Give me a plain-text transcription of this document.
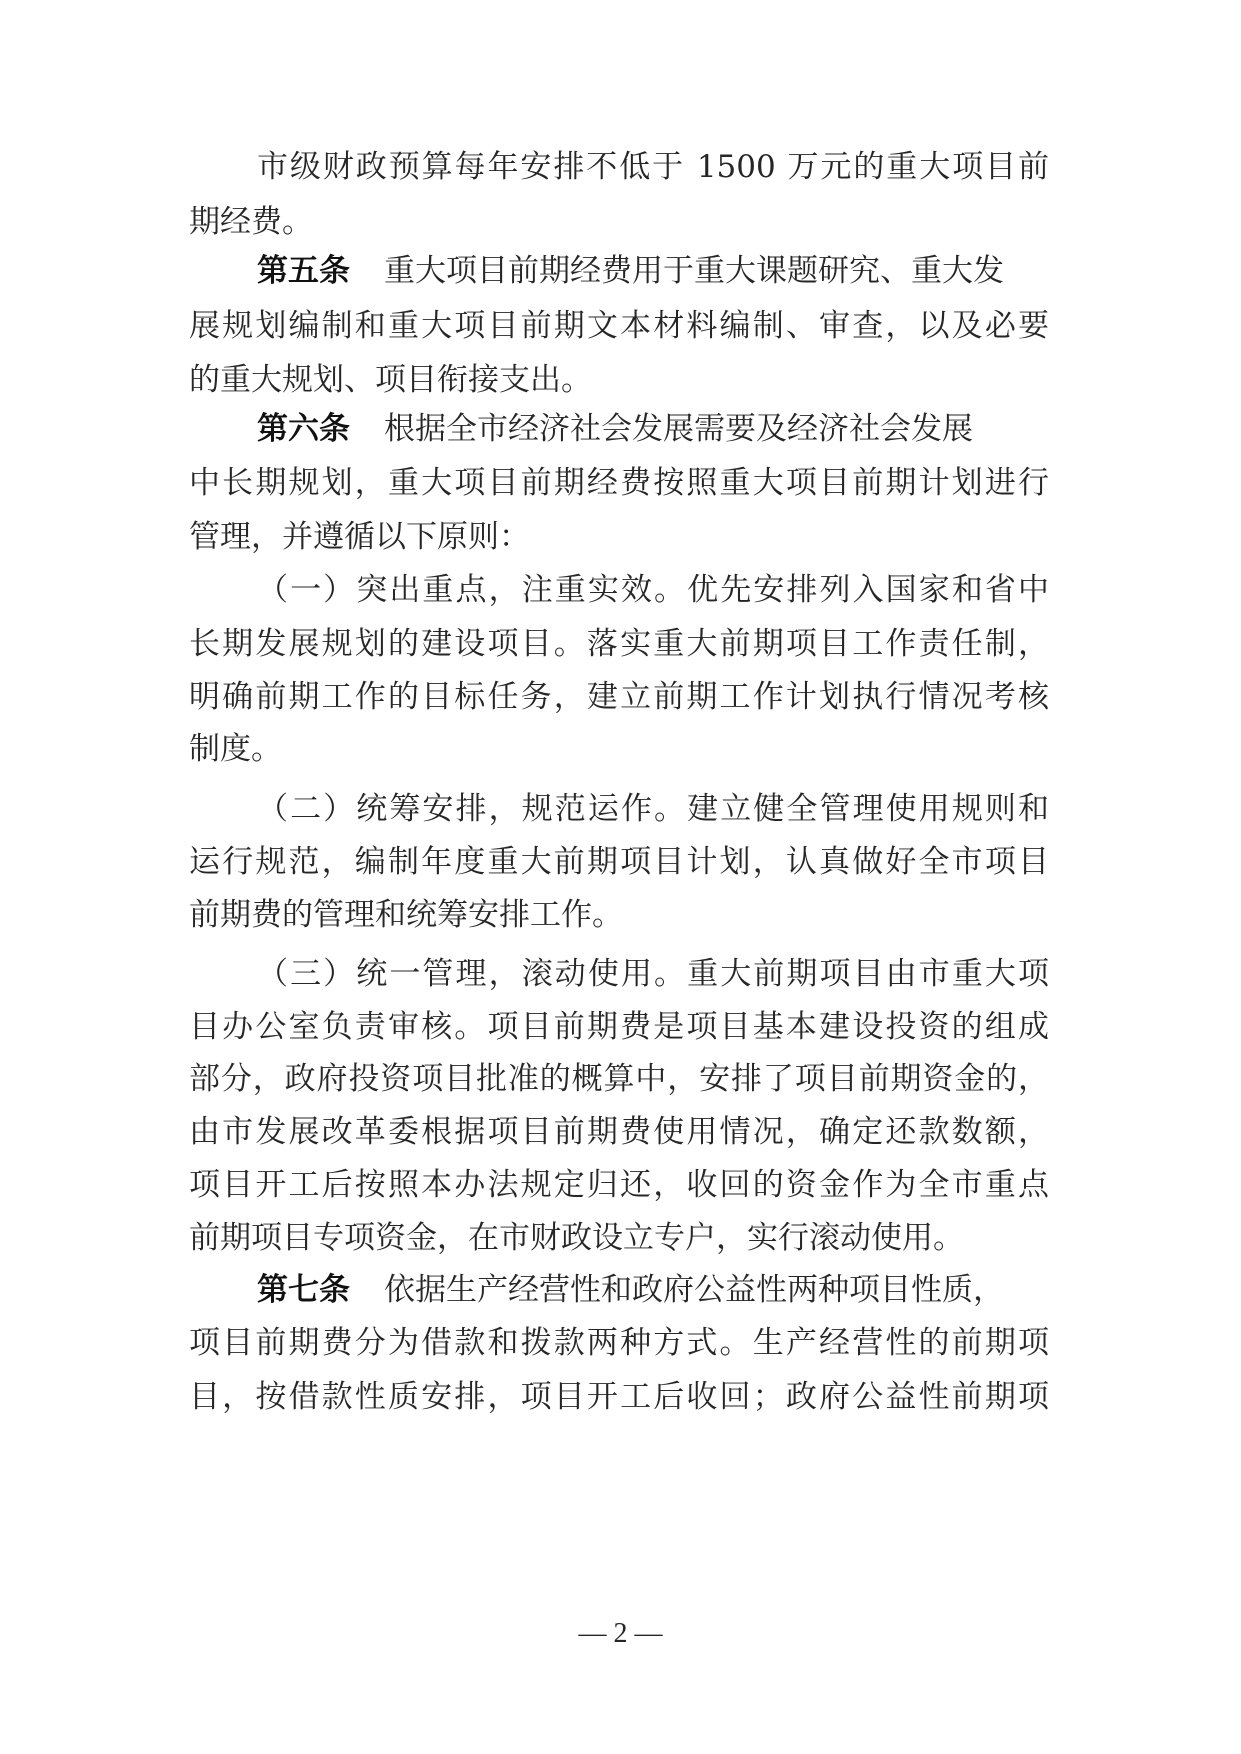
市级财政预算每年安排不低于 1500 万元的重大项目前
期经费。
第五条 重大项目前期经费用于重大课题研究、重大发
展规划编制和重大项目前期文本材料编制、审查，以及必要
的重大规划、项目衔接支出。
第六条 根据全市经济社会发展需要及经济社会发展
中长期规划，重大项目前期经费按照重大项目前期计划进行
管理，并遵循以下原则：
（一）突出重点，注重实效。优先安排列入国家和省中
长期发展规划的建设项目。落实重大前期项目工作责任制，
明确前期工作的目标任务，建立前期工作计划执行情况考核
制度。
（二）统筹安排，规范运作。建立健全管理使用规则和
运行规范，编制年度重大前期项目计划，认真做好全市项目
前期费的管理和统筹安排工作。
（三）统一管理，滚动使用。重大前期项目由市重大项
目办公室负责审核。项目前期费是项目基本建设投资的组成
部分，政府投资项目批准的概算中，安排了项目前期资金的，
由市发展改革委根据项目前期费使用情况，确定还款数额，
项目开工后按照本办法规定归还，收回的资金作为全市重点
前期项目专项资金，在市财政设立专户，实行滚动使用。
第七条 依据生产经营性和政府公益性两种项目性质，
项目前期费分为借款和拨款两种方式。生产经营性的前期项
目，按借款性质安排，项目开工后收回；政府公益性前期项
— 2 —
